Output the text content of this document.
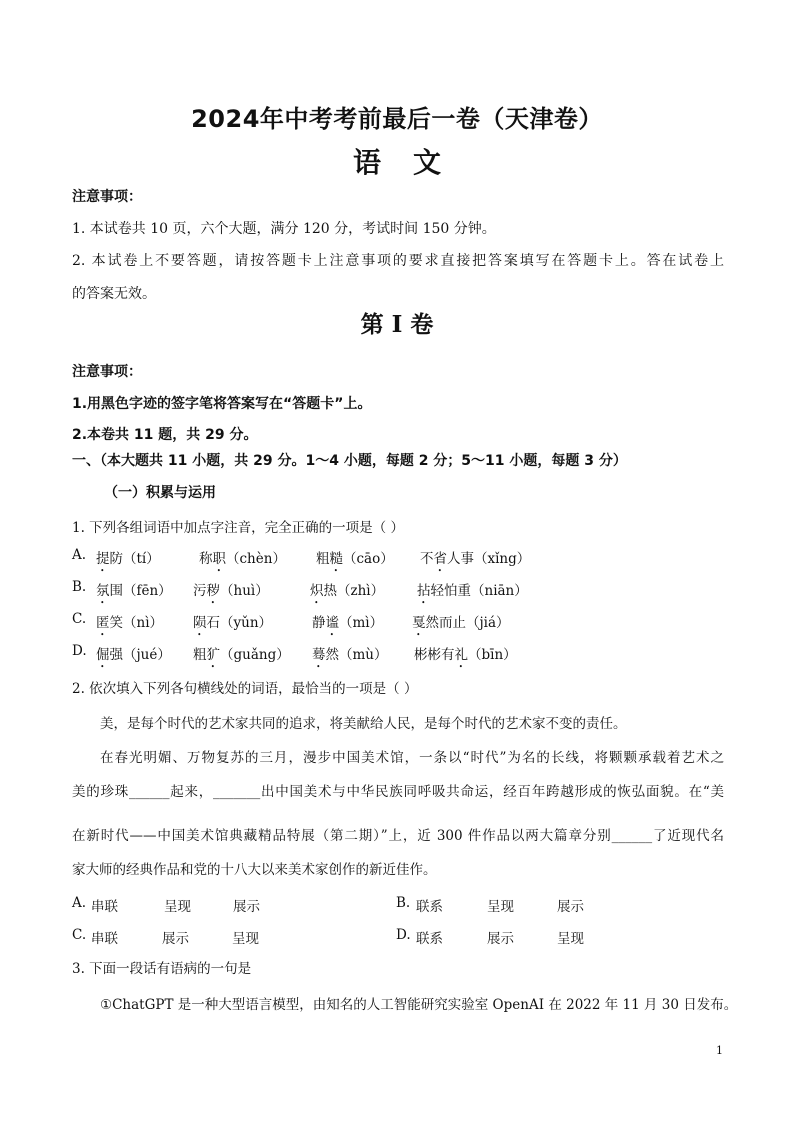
2024年中考考前最后一卷（天津卷）
语文
注意事项：
1. 本试卷共 10 页，六个大题，满分 120 分，考试时间 150 分钟。
2. 本试卷上不要答题，请按答题卡上注意事项的要求直接把答案填写在答题卡上。答在试卷上
的答案无效。
第 I 卷
注意事项：
1.用黑色字迹的签字笔将答案写在“答题卡”上。
2.本卷共 11 题，共 29 分。
一、（本大题共 11 小题，共 29 分。1～4 小题，每题 2 分；5～11 小题，每题 3 分）
（一）积累与运用
1. 下列各组词语中加点字注音，完全正确的一项是（ ）
A. 提防（tí）	称职（chèn） 粗糙（cāo） 不省人事（xǐng）
B. 氛围（fēn） 污秽（huì）	炽热（zhì） 拈轻怕重（niān）
C. 匿笑（nì） 陨石（yǔn）	静谧（mì） 戛然而止（jiá）
D. 倔强（jué） 粗犷（guǎng） 蓦然（mù） 彬彬有礼（bīn）
2. 依次填入下列各句横线处的词语，最恰当的一项是（ ）
美，是每个时代的艺术家共同的追求，将美献给人民，是每个时代的艺术家不变的责任。
在春光明媚、万物复苏的三月，漫步中国美术馆，一条以“时代”为名的长线，将颗颗承载着艺术之
美的珍珠______起来，_______出中国美术与中华民族同呼吸共命运，经百年跨越形成的恢弘面貌。在“美
在新时代——中国美术馆典藏精品特展（第二期）”上，近 300 件作品以两大篇章分别______了近现代名
家大师的经典作品和党的十八大以来美术家创作的新近佳作。
A. 串联	呈现	展示	B. 联系	呈现	展示
C. 串联	展示	呈现	D. 联系	展示	呈现
3. 下面一段话有语病的一句是
①ChatGPT 是一种大型语言模型，由知名的人工智能研究实验室 OpenAI 在 2022 年 11 月 30 日发布。
1
